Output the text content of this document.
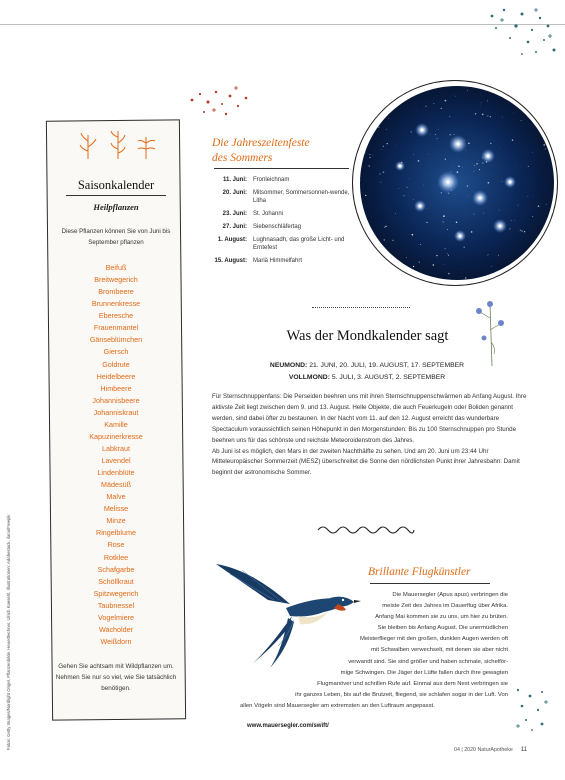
Fotos: Getty Images/Nordlight Origel, Pflanzenbilde, Heuertlechner, Ulrich Koeselrl, Illustrationen: Adobestock, ilaria/Freepik
Saisonkalender
Heilpflanzen
Diese Pflanzen können Sie von Juni bis September pflanzen
Beifuß
Breitwegerich
Brombeere
Brunnenkresse
Eberesche
Frauenmantel
Gänseblümchen
Giersch
Goldrute
Heidelbeere
Himbeere
Johannisbeere
Johanniskraut
Kamille
Kapuzinerkresse
Labkraut
Lavendel
Lindenblüte
Mädesüß
Malve
Melisse
Minze
Ringelblume
Rose
Rotklee
Schafgarbe
Schöllkraut
Spitzwegerich
Taubnessel
Vogelmiere
Wacholder
Weißdorn
Gehen Sie achtsam mit Wildpflanzen um. Nehmen Sie nur so viel, wie Sie tatsächlich benötigen.
Die Jahreszeitenfeste
des Sommers
11. Juni:	Fronleichnam
20. Juni:	Mitsommer, Sommersonnen-wende, Litha
23. Juni:	St. Johanni
27. Juni:	Siebenschläfertag
1. August:	Lughnasadh, das große Licht- und Erntefest
15. August:	Mariä Himmelfahrt
Was der Mondkalender sagt
NEUMOND: 21. JUNI, 20. JULI, 19. AUGUST, 17. SEPTEMBER
VOLLMOND: 5. JULI, 3. AUGUST, 2. SEPTEMBER

Für Sternschnuppenfans: Die Perseiden beehren uns mit ihren Sternschnuppenschwärmen ab Anfang August. Ihre aktivste Zeit liegt zwischen dem 9. und 13. August. Helle Objekte, die auch Feuerkugeln oder Boliden genannt werden, sind dabei öfter zu bestaunen. In der Nacht vom 11. auf den 12. August erreicht das wunderbare Spectaculum voraussichtlich seinen Höhepunkt in den Morgenstunden: Bis zu 100 Sternschnuppen pro Stunde beehren uns für das schönste und reichste Meteoroidenstrom des Jahres.
Ab Juni ist es möglich, den Mars in der zweiten Nachthälfte zu sehen. Und am 20. Juni um 23:44 Uhr Mitteleuropäischer Sommerzeit (MESZ) überschreitet die Sonne den nördlichsten Punkt ihrer Jahresbahn: Damit beginnt der astronomische Sommer.

Brillante Flugkünstler
Die Mauersegler (Apus apus) verbringen die
meiste Zeit des Jahres im Dauerflug über Afrika.
Anfang Mai kommen sie zu uns, um hier zu brüten.
Sie bleiben bis Anfang August. Die unermüdlichen
Meisterflieger mit den großen, dunklen Augen werden oft
mit Schwalben verwechselt, mit denen sie aber nicht
verwandt sind. Sie sind größer und haben schmale, sichelför-
mige Schwingen. Die Jäger der Lüfte fallen durch ihre gewagten
Flugmanöver und schrillen Rufe auf. Einmal aus dem Nest verbringen sie
ihr ganzes Leben, bis auf die Brutzeit, fliegend, sie schlafen sogar in der Luft. Von
allen Vögeln sind Mauersegler am extremsten an den Luftraum angepasst.
www.mauersegler.com/swift/
04 | 2020 NaturApotheke 11
